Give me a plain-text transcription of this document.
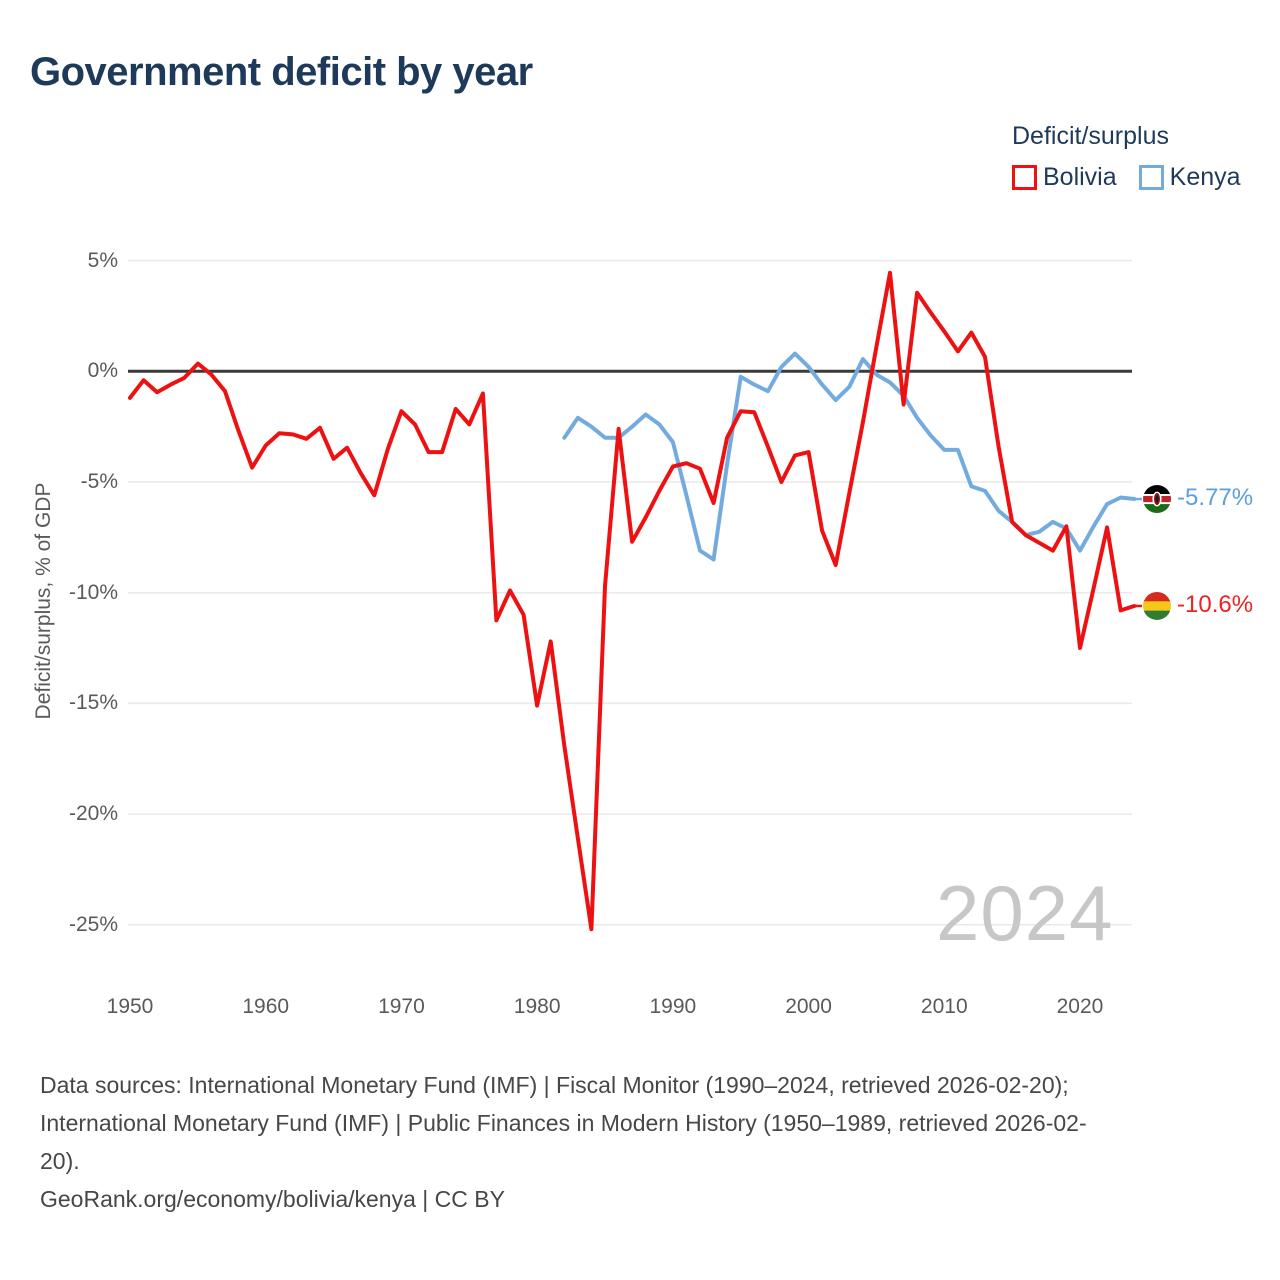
2024
Government deficit by year
Deficit/surplus
Bolivia Kenya
Deficit/surplus, % of GDP
5%
0%
-5%
-10%
-15%
-20%
-25%
1950	1960	1970	1980	1990	2000	2010	2020
-5.77%
-10.6%
Data sources: International Monetary Fund (IMF) | Fiscal Monitor (1990–2024, retrieved 2026-02-20);
International Monetary Fund (IMF) | Public Finances in Modern History (1950–1989, retrieved 2026-02-
20).
GeoRank.org/economy/bolivia/kenya | CC BY
